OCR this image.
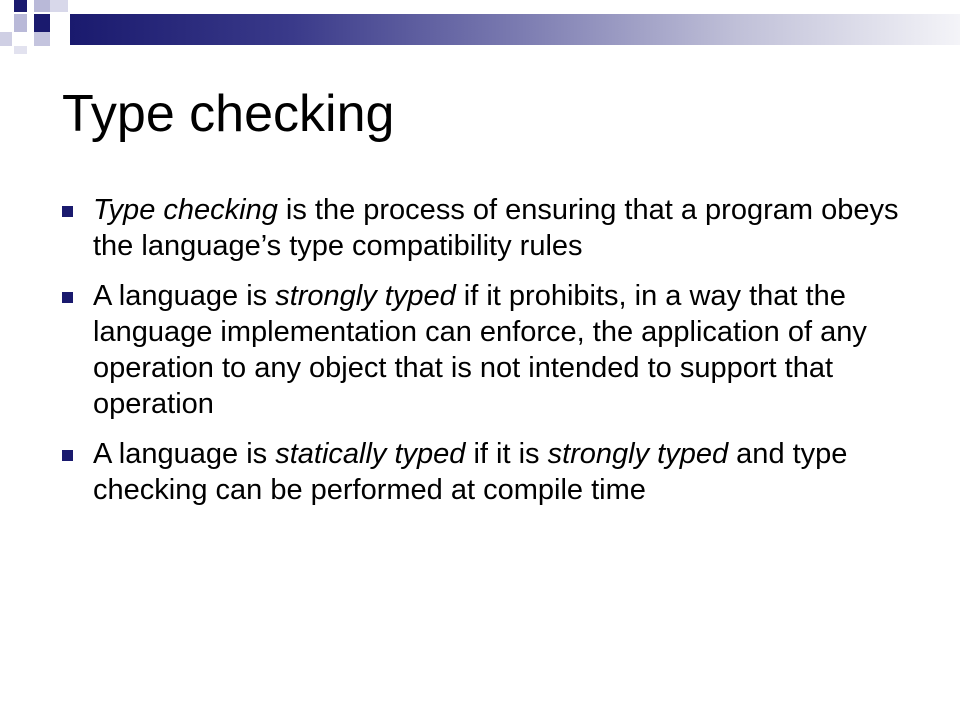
Type checking
Type checking is the process of ensuring that a program obeys the language’s type compatibility rules
A language is strongly typed if it prohibits, in a way that the language implementation can enforce, the application of any operation to any object that is not intended to support that operation
A language is statically typed if it is strongly typed and type checking can be performed at compile time
